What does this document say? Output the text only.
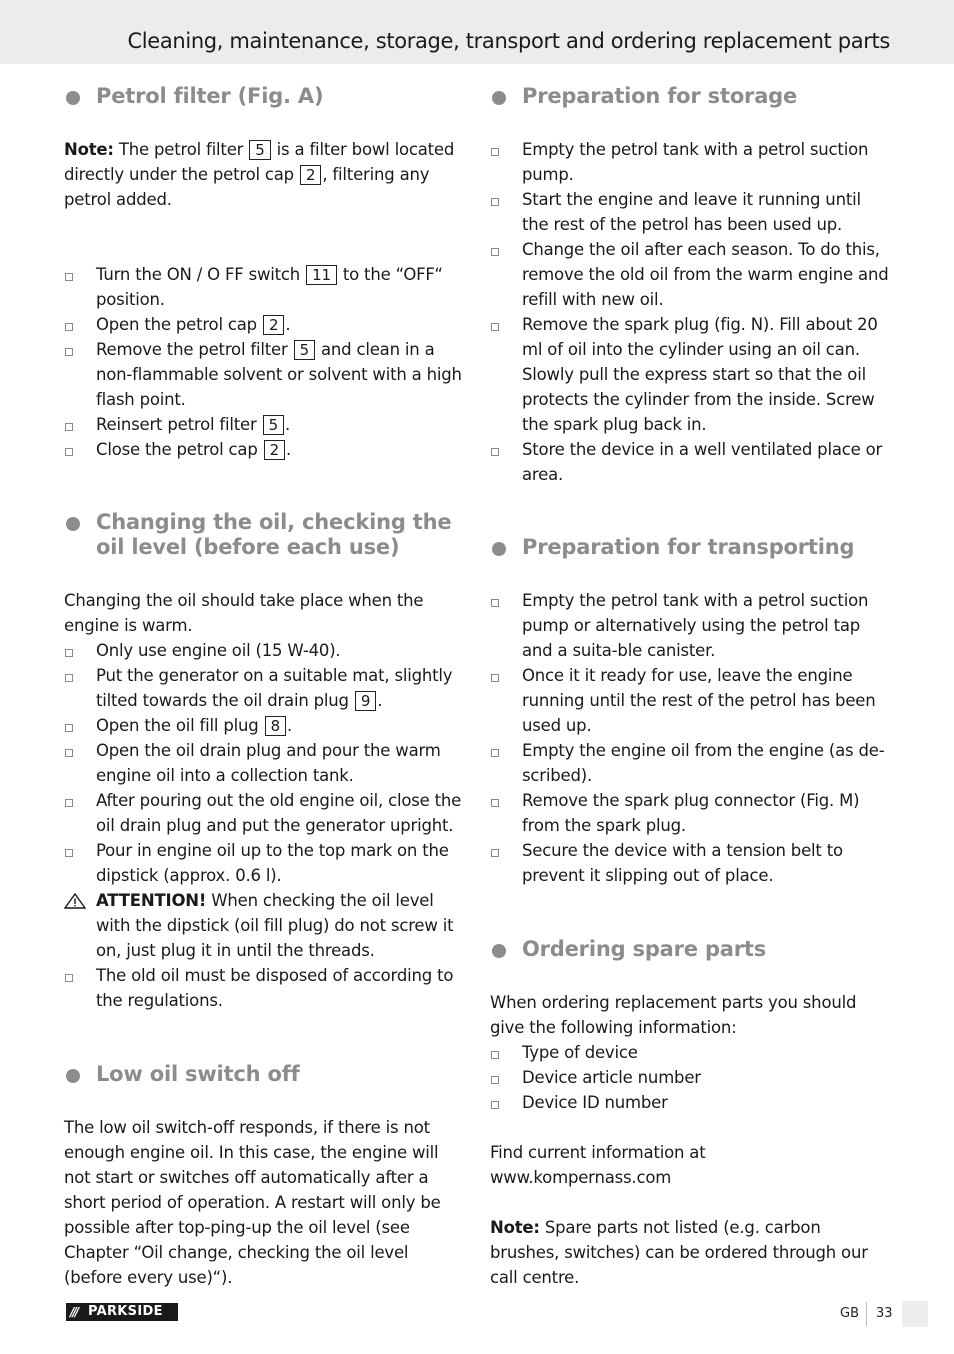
Cleaning, maintenance, storage, transport and ordering replacement parts
Petrol filter (Fig. A)

Note: The petrol filter 5 is a filter bowl located directly under the petrol cap 2 , filtering any petrol added.

Turn the ON / O FF switch 11 to the “OFF“ position.
Open the petrol cap 2 .
Remove the petrol filter 5 and clean in a non-flammable solvent or solvent with a high flash point.
Reinsert petrol filter 5 .
Close the petrol cap 2 .
Changing the oil, checking the oil level (before each use)

Changing the oil should take place when the engine is warm.

Only use engine oil (15 W-40).
Put the generator on a suitable mat, slightly tilted towards the oil drain plug 9 .
Open the oil fill plug 8 .
Open the oil drain plug and pour the warm engine oil into a collection tank.
After pouring out the old engine oil, close the oil drain plug and put the generator upright.
Pour in engine oil up to the top mark on the dipstick (approx. 0.6 l).
ATTENTION! When checking the oil level with the dipstick (oil fill plug) do not screw it on, just plug it in until the threads.
The old oil must be disposed of according to the regulations.
Low oil switch off

The low oil switch-off responds, if there is not enough engine oil. In this case, the engine will not start or switches off automatically after a short period of operation. A restart will only be possible after top-ping-up the oil level (see Chapter “Oil change, checking the oil level (before every use)“).

Preparation for storage
Empty the petrol tank with a petrol suction pump.
Start the engine and leave it running until the rest of the petrol has been used up.
Change the oil after each season. To do this, remove the old oil from the warm engine and refill with new oil.
Remove the spark plug (fig. N). Fill about 20 ml of oil into the cylinder using an oil can. Slowly pull the express start so that the oil protects the cylinder from the inside. Screw the spark plug back in.
Store the device in a well ventilated place or area.
Preparation for transporting
Empty the petrol tank with a petrol suction pump or alternatively using the petrol tap and a suita-ble canister.
Once it it ready for use, leave the engine running until the rest of the petrol has been used up.
Empty the engine oil from the engine (as de-scribed).
Remove the spark plug connector (Fig. M) from the spark plug.
Secure the device with a tension belt to prevent it slipping out of place.
Ordering spare parts

When ordering replacement parts you should give the following information:

Type of device
Device article number
Device ID number

Find current information at

www.kompernass.com

Note: Spare parts not listed (e.g. carbon brushes, switches) can be ordered through our call centre.

/// PARKSIDE	GB 33
